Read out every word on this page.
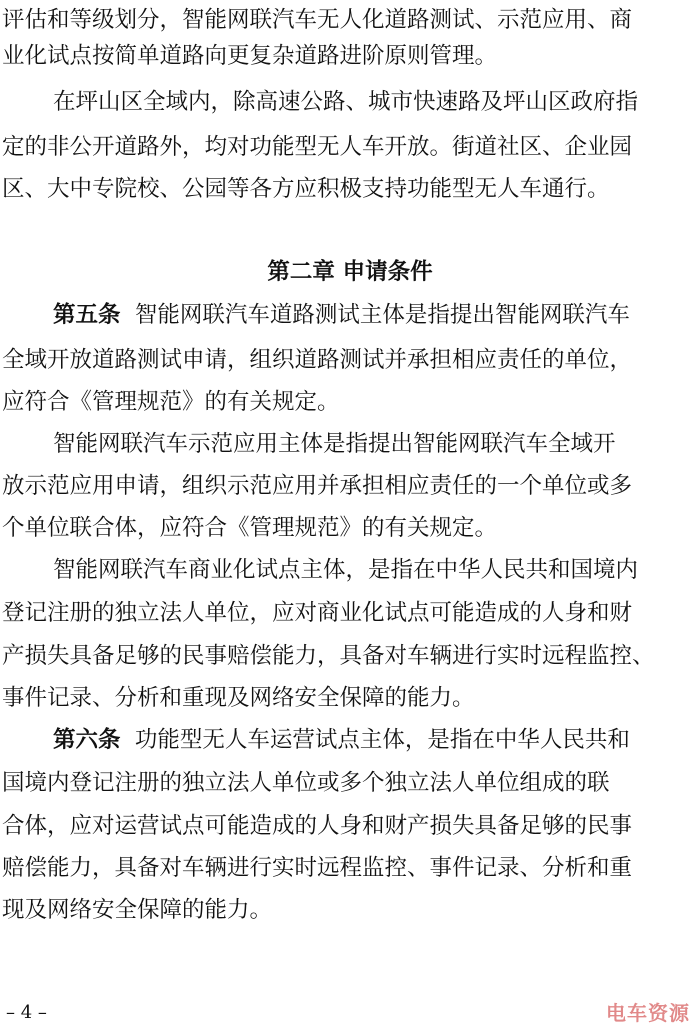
评估和等级划分，智能网联汽车无人化道路测试、示范应用、商
业化试点按简单道路向更复杂道路进阶原则管理。
在坪山区全域内，除高速公路、城市快速路及坪山区政府指
定的非公开道路外，均对功能型无人车开放。街道社区、企业园
区、大中专院校、公园等各方应积极支持功能型无人车通行。
第二章 申请条件
第五条 智能网联汽车道路测试主体是指提出智能网联汽车
全域开放道路测试申请，组织道路测试并承担相应责任的单位，
应符合《管理规范》的有关规定。
智能网联汽车示范应用主体是指提出智能网联汽车全域开
放示范应用申请，组织示范应用并承担相应责任的一个单位或多
个单位联合体，应符合《管理规范》的有关规定。
智能网联汽车商业化试点主体，是指在中华人民共和国境内
登记注册的独立法人单位，应对商业化试点可能造成的人身和财
产损失具备足够的民事赔偿能力，具备对车辆进行实时远程监控、
事件记录、分析和重现及网络安全保障的能力。
第六条 功能型无人车运营试点主体，是指在中华人民共和
国境内登记注册的独立法人单位或多个独立法人单位组成的联
合体，应对运营试点可能造成的人身和财产损失具备足够的民事
赔偿能力，具备对车辆进行实时远程监控、事件记录、分析和重
现及网络安全保障的能力。
– 4 –	电车资源
